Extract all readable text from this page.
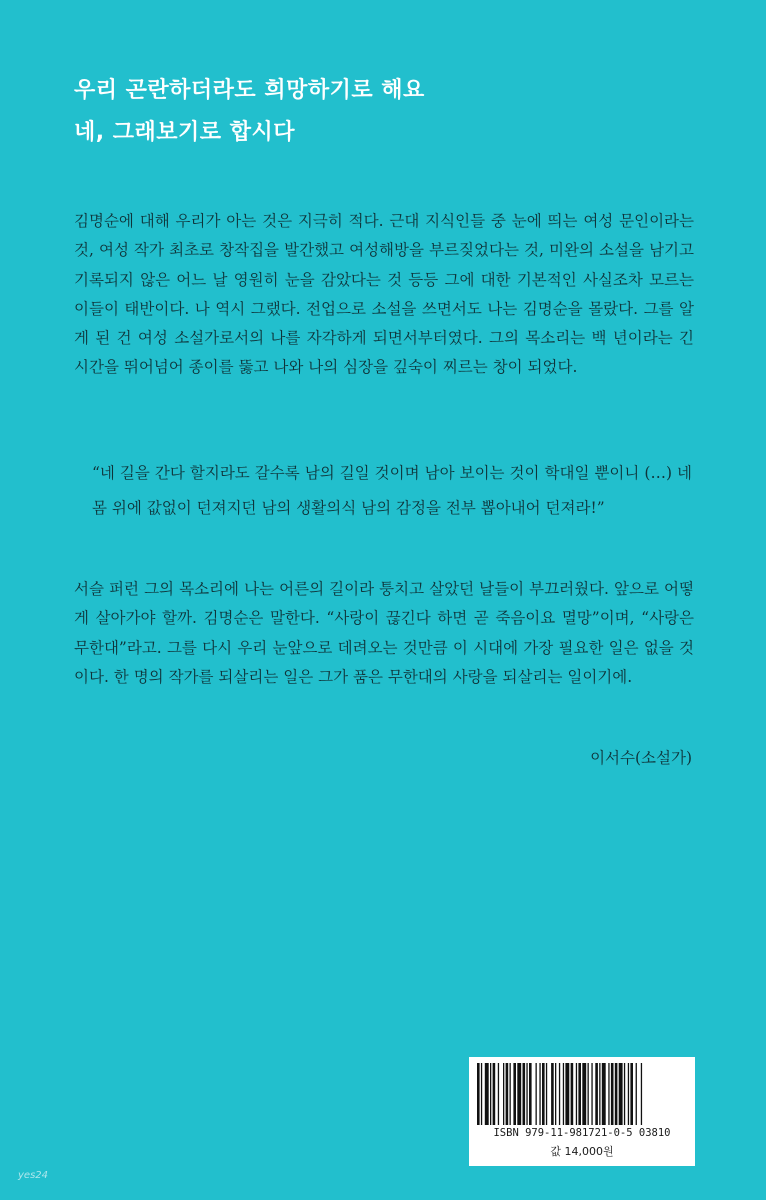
우리 곤란하더라도 희망하기로 해요
네, 그래보기로 합시다
김명순에 대해 우리가 아는 것은 지극히 적다. 근대 지식인들 중 눈에 띄는 여성 문인이라는 것, 여성 작가 최초로 창작집을 발간했고 여성해방을 부르짖었다는 것, 미완의 소설을 남기고 기록되지 않은 어느 날 영원히 눈을 감았다는 것 등등 그에 대한 기본적인 사실조차 모르는 이들이 태반이다. 나 역시 그랬다. 전업으로 소설을 쓰면서도 나는 김명순을 몰랐다. 그를 알게 된 건 여성 소설가로서의 나를 자각하게 되면서부터였다. 그의 목소리는 백 년이라는 긴 시간을 뛰어넘어 종이를 뚫고 나와 나의 심장을 깊숙이 찌르는 창이 되었다.
“네 길을 간다 할지라도 갈수록 남의 길일 것이며 남아 보이는 것이 학대일 뿐이니 (…) 네 몸 위에 값없이 던져지던 남의 생활의식 남의 감정을 전부 뽑아내어 던져라!”
서슬 퍼런 그의 목소리에 나는 어른의 길이라 퉁치고 살았던 날들이 부끄러웠다. 앞으로 어떻게 살아가야 할까. 김명순은 말한다. “사랑이 끊긴다 하면 곧 죽음이요 멸망”이며, “사랑은 무한대”라고. 그를 다시 우리 눈앞으로 데려오는 것만큼 이 시대에 가장 필요한 일은 없을 것이다. 한 명의 작가를 되살리는 일은 그가 품은 무한대의 사랑을 되살리는 일이기에.
이서수(소설가)
ISBN 979-11-981721-0-5 03810
값 14,000원
yes24
